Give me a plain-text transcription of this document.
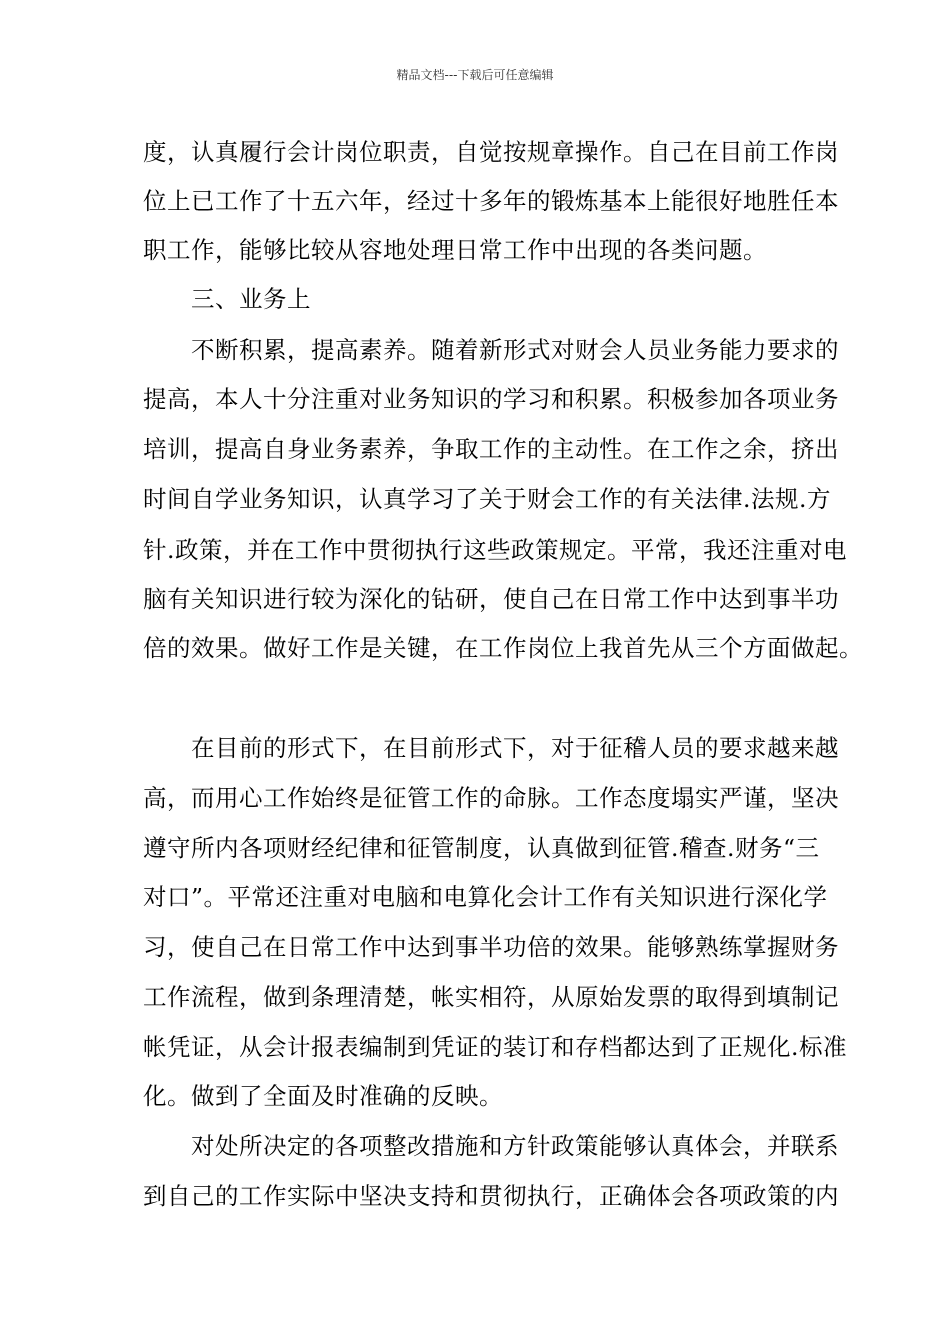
精品文档---下载后可任意编辑
度，认真履行会计岗位职责，自觉按规章操作。自己在目前工作岗
位上已工作了十五六年，经过十多年的锻炼基本上能很好地胜任本
职工作，能够比较从容地处理日常工作中出现的各类问题。
三、业务上
不断积累，提高素养。随着新形式对财会人员业务能力要求的
提高，本人十分注重对业务知识的学习和积累。积极参加各项业务
培训，提高自身业务素养，争取工作的主动性。在工作之余，挤出
时间自学业务知识，认真学习了关于财会工作的有关法律.法规.方
针.政策，并在工作中贯彻执行这些政策规定。平常，我还注重对电
脑有关知识进行较为深化的钻研，使自己在日常工作中达到事半功
倍的效果。做好工作是关键，在工作岗位上我首先从三个方面做起。
在目前的形式下，在目前形式下，对于征稽人员的要求越来越
高，而用心工作始终是征管工作的命脉。工作态度塌实严谨，坚决
遵守所内各项财经纪律和征管制度，认真做到征管.稽查.财务“三
对口”。平常还注重对电脑和电算化会计工作有关知识进行深化学
习，使自己在日常工作中达到事半功倍的效果。能够熟练掌握财务
工作流程，做到条理清楚，帐实相符，从原始发票的取得到填制记
帐凭证，从会计报表编制到凭证的装订和存档都达到了正规化.标准
化。做到了全面及时准确的反映。
对处所决定的各项整改措施和方针政策能够认真体会，并联系
到自己的工作实际中坚决支持和贯彻执行，正确体会各项政策的内
